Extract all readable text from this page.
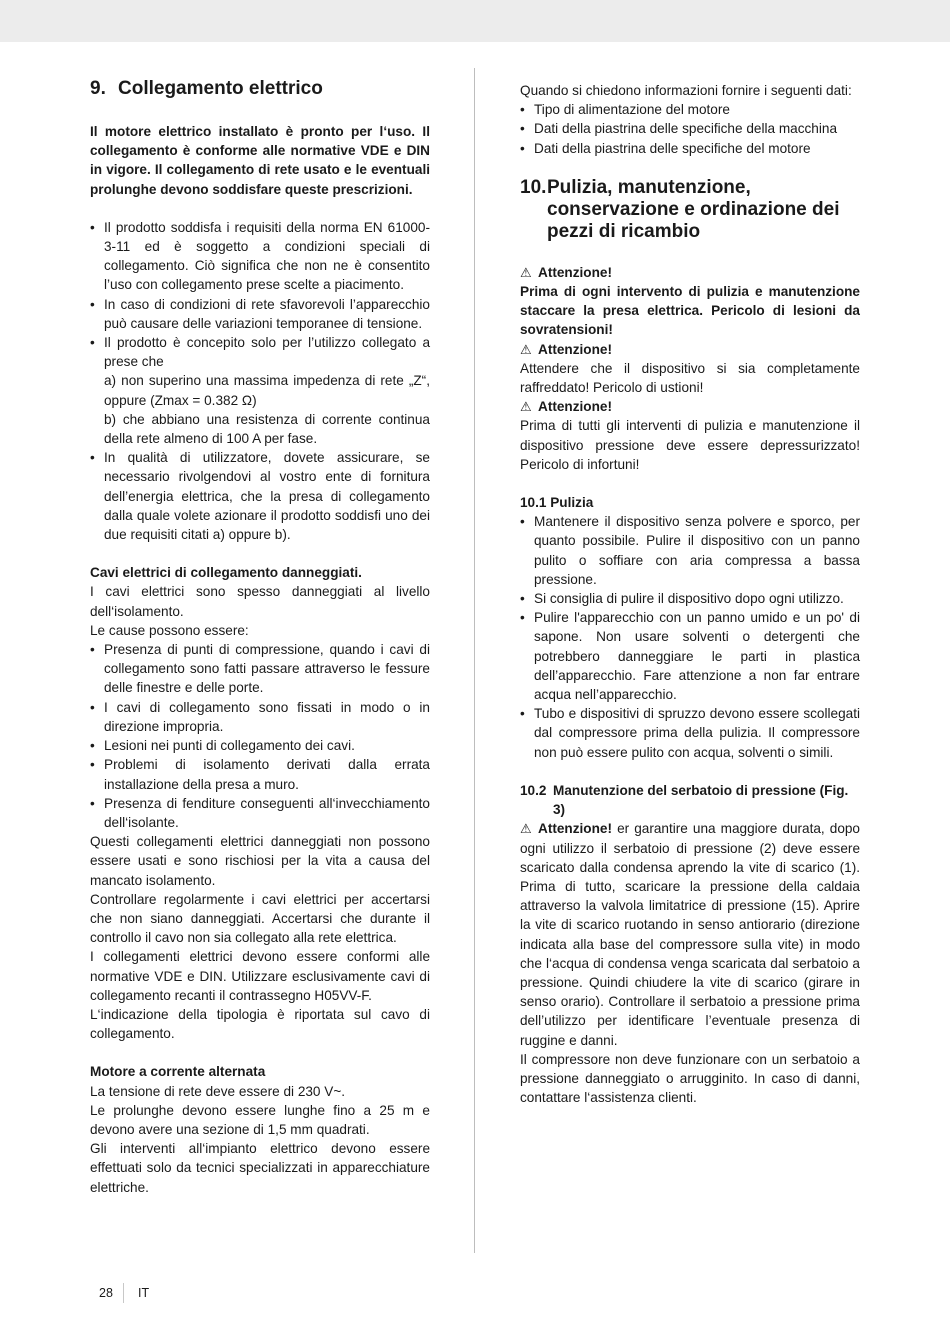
9. Collegamento elettrico

Il motore elettrico installato è pronto per l‘uso. Il collegamento è conforme alle normative VDE e DIN in vigore. Il collegamento di rete usato e le eventuali prolunghe devono soddisfare queste prescrizioni.

• Il prodotto soddisfa i requisiti della norma EN 61000-3-11 ed è soggetto a condizioni speciali di collegamento. Ciò significa che non ne è consentito l’uso con collegamento prese scelte a piacimento.
• In caso di condizioni di rete sfavorevoli l’apparecchio può causare delle variazioni temporanee di tensione.
• Il prodotto è concepito solo per l’utilizzo collegato a prese che
a) non superino una massima impedenza di rete „Z“, oppure (Zmax = 0.382 Ω)
b) che abbiano una resistenza di corrente continua della rete almeno di 100 A per fase.
• In qualità di utilizzatore, dovete assicurare, se necessario rivolgendovi al vostro ente di fornitura dell’energia elettrica, che la presa di collegamento dalla quale volete azionare il prodotto soddisfi uno dei due requisiti citati a) oppure b).

Cavi elettrici di collegamento danneggiati.

I cavi elettrici sono spesso danneggiati al livello dell‘isolamento.

Le cause possono essere:

• Presenza di punti di compressione, quando i cavi di collegamento sono fatti passare attraverso le fessure delle finestre e delle porte.
• I cavi di collegamento sono fissati in modo o in direzione impropria.
• Lesioni nei punti di collegamento dei cavi.
• Problemi di isolamento derivati dalla errata installazione della presa a muro.
• Presenza di fenditure conseguenti all‘invecchiamento dell‘isolante.

Questi collegamenti elettrici danneggiati non possono essere usati e sono rischiosi per la vita a causa del mancato isolamento.

Controllare regolarmente i cavi elettrici per accertarsi che non siano danneggiati. Accertarsi che durante il controllo il cavo non sia collegato alla rete elettrica.

I collegamenti elettrici devono essere conformi alle normative VDE e DIN. Utilizzare esclusivamente cavi di collegamento recanti il contrassegno H05VV-F.

L‘indicazione della tipologia è riportata sul cavo di collegamento.

Motore a corrente alternata

La tensione di rete deve essere di 230 V~.

Le prolunghe devono essere lunghe fino a 25 m e devono avere una sezione di 1,5 mm quadrati.

Gli interventi all‘impianto elettrico devono essere effettuati solo da tecnici specializzati in apparecchiature elettriche.

Quando si chiedono informazioni fornire i seguenti dati:

• Tipo di alimentazione del motore
• Dati della piastrina delle specifiche della macchina
• Dati della piastrina delle specifiche del motore
10. Pulizia, manutenzione, conservazione e ordinazione dei pezzi di ricambio

⚠ Attenzione!

Prima di ogni intervento di pulizia e manutenzione staccare la presa elettrica. Pericolo di lesioni da sovratensioni!

⚠ Attenzione!

Attendere che il dispositivo si sia completamente raffreddato! Pericolo di ustioni!

⚠ Attenzione!

Prima di tutti gli interventi di pulizia e manutenzione il dispositivo pressione deve essere depressurizzato! Pericolo di infortuni!

10.1 Pulizia

• Mantenere il dispositivo senza polvere e sporco, per quanto possibile. Pulire il dispositivo con un panno pulito o soffiare con aria compressa a bassa pressione.
• Si consiglia di pulire il dispositivo dopo ogni utilizzo.
• Pulire l'apparecchio con un panno umido e un po' di sapone. Non usare solventi o detergenti che potrebbero danneggiare le parti in plastica dell’apparecchio. Fare attenzione a non far entrare acqua nell’apparecchio.
• Tubo e dispositivi di spruzzo devono essere scollegati dal compressore prima della pulizia. Il compressore non può essere pulito con acqua, solventi o simili.
10.2 Manutenzione del serbatoio di pressione (Fig. 3)

⚠ Attenzione! er garantire una maggiore durata, dopo ogni utilizzo il serbatoio di pressione (2) deve essere scaricato dalla condensa aprendo la vite di scarico (1). Prima di tutto, scaricare la pressione della caldaia attraverso la valvola limitatrice di pressione (15). Aprire la vite di scarico ruotando in senso antiorario (direzione indicata alla base del compressore sulla vite) in modo che l‘acqua di condensa venga scaricata dal serbatoio a pressione. Quindi chiudere la vite di scarico (girare in senso orario). Controllare il serbatoio a pressione prima dell’utilizzo per identificare l’eventuale presenza di ruggine e danni.

Il compressore non deve funzionare con un serbatoio a pressione danneggiato o arrugginito. In caso di danni, contattare l‘assistenza clienti.

28	IT
